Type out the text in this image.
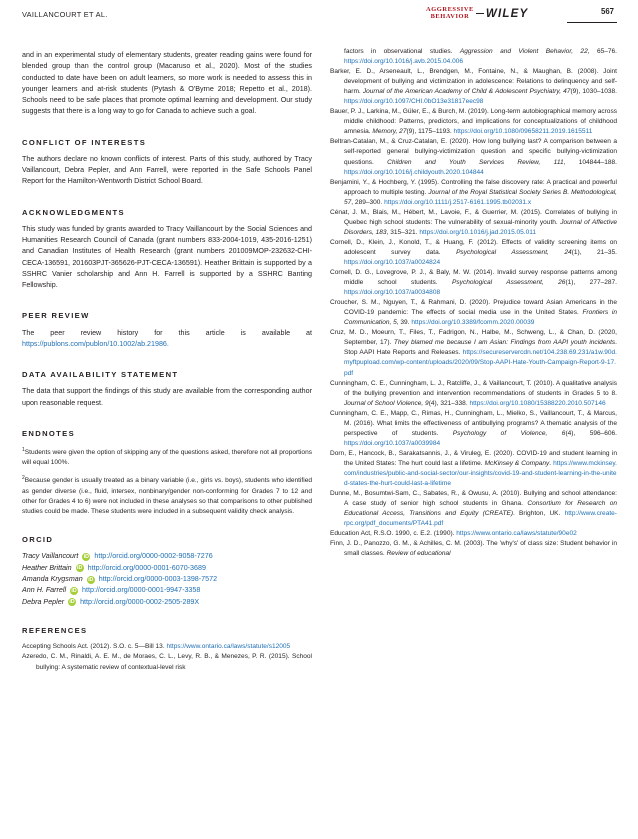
VAILLANCOURT ET AL.
AGGRESSIVE
BEHAVIOR	WILEY	567

and in an experimental study of elementary students, greater reading gains were found for blended group than the control group (Macaruso et al., 2020). Most of the studies conducted to date have been on adult learners, so more work is needed to assess this in younger learners and at-risk students (Pytash & O'Byrne 2018; Repetto et al., 2018). Schools need to be safe places that promote optimal learning and development. Our study suggests that there is a long way to go for Canada to achieve such a goal.

CONFLICT OF INTERESTS

The authors declare no known conflicts of interest. Parts of this study, authored by Tracy Vaillancourt, Debra Pepler, and Ann Farrell, were reported in the Safe Schools Panel Report for the Hamilton-Wentworth District School Board.

ACKNOWLEDGMENTS

This study was funded by grants awarded to Tracy Vaillancourt by the Social Sciences and Humanities Research Council of Canada (grant numbers 833-2004-1019, 435-2016-1251) and Canadian Institutes of Health Research (grant numbers 201009MOP-232632-CHI-CECA-136591, 201603PJT-365626-PJT-CECA-136591). Heather Brittain is supported by a SSHRC Vanier scholarship and Ann H. Farrell is supported by a SSHRC Banting Fellowship.

PEER REVIEW

The peer review history for this article is available at https://publons.com/publon/10.1002/ab.21986.

DATA AVAILABILITY STATEMENT

The data that support the findings of this study are available from the corresponding author upon reasonable request.

ENDNOTES

$^1$Students were given the option of skipping any of the questions asked, therefore not all proportions will equal 100%.

$^2$Because gender is usually treated as a binary variable (i.e., girls vs. boys), students who identified as gender diverse (i.e., fluid, intersex, nonbinary/gender non-conforming for Grades 7 to 12 and other for Grades 4 to 6) were not included in these analyses so that comparisons to other published studies could be made. These students were included in a subsequent validity check analysis.

ORCID
Tracy Vaillancourt iD http://orcid.org/0000-0002-9058-7276
Heather Brittain iD http://orcid.org/0000-0001-6070-3689
Amanda Krygsman iD http://orcid.org/0000-0003-1398-7572
Ann H. Farrell iD http://orcid.org/0000-0001-9947-3358
Debra Pepler iD http://orcid.org/0000-0002-2505-289X
REFERENCES

Accepting Schools Act. (2012). S.O. c. 5—Bill 13. https://www.ontario.ca/laws/statute/s12005

Azeredo, C. M., Rinaldi, A. E. M., de Moraes, C. L., Levy, R. B., & Menezes, P. R. (2015). School bullying: A systematic review of contextual-level risk

factors in observational studies. Aggression and Violent Behavior, 22, 65–76. https://doi.org/10.1016/j.avb.2015.04.006

Barker, E. D., Arseneault, L., Brendgen, M., Fontaine, N., & Maughan, B. (2008). Joint development of bullying and victimization in adolescence: Relations to delinquency and self-harm. Journal of the American Academy of Child & Adolescent Psychiatry, 47(9), 1030–1038. https://doi.org/10.1097/CHI.0bO13e31817eec98

Bauer, P. J., Larkina, M., Güler, E., & Burch, M. (2019). Long-term autobiographical memory across middle childhood: Patterns, predictors, and implications for conceptualizations of childhood amnesia. Memory, 27(9), 1175–1193. https://doi.org/10.1080/09658211.2019.1615511

Beltran-Catalan, M., & Cruz-Catalan, E. (2020). How long bullying last? A comparison between a self-reported general bullying-victimization question and specific bullying-victimization questions. Children and Youth Services Review, 111, 104844–188. https://doi.org/10.1016/j.childyouth.2020.104844

Benjamini, Y., & Hochberg, Y. (1995). Controlling the false discovery rate: A practical and powerful approach to multiple testing. Journal of the Royal Statistical Society Series B. Methodological, 57, 289–300. https://doi.org/10.1111/j.2517-6161.1995.tb02031.x

Cénat, J. M., Blais, M., Hébert, M., Lavoie, F., & Guerrier, M. (2015). Correlates of bullying in Quebec high school students: The vulnerability of sexual-minority youth. Journal of Affective Disorders, 183, 315–321. https://doi.org/10.1016/j.jad.2015.05.011

Cornell, D., Klein, J., Konold, T., & Huang, F. (2012). Effects of validity screening items on adolescent survey data. Psychological Assessment, 24(1), 21–35. https://doi.org/10.1037/a0024824

Cornell, D. G., Lovegrove, P. J., & Baly, M. W. (2014). Invalid survey response patterns among middle school students. Psychological Assessment, 26(1), 277–287. https://doi.org/10.1037/a0034808

Croucher, S. M., Nguyen, T., & Rahmani, D. (2020). Prejudice toward Asian Americans in the COVID-19 pandemic: The effects of social media use in the United States. Frontiers in Communication, 5, 39. https://doi.org/10.3389/fcomm.2020.00039

Cruz, M. D., Moeurn, T., Files, T., Fadrigon, N., Halbe, M., Schweng, L., & Chan, D. (2020, September, 17). They blamed me because I am Asian: Findings from AAPI youth incidents. Stop AAPI Hate Reports and Releases. https://secureservercdn.net/104.238.69.231/a1w.90d.myftpupload.com/wp-content/uploads/2020/09/Stop-AAPI-Hate-Youth-Campaign-Report-9-17.pdf

Cunningham, C. E., Cunningham, L. J., Ratcliffe, J., & Vaillancourt, T. (2010). A qualitative analysis of the bullying prevention and intervention recommendations of students in Grades 5 to 8. Journal of School Violence, 9(4), 321–338. https://doi.org/10.1080/15388220.2010.507146

Cunningham, C. E., Mapp, C., Rimas, H., Cunningham, L., Mielko, S., Vaillancourt, T., & Marcus, M. (2016). What limits the effectiveness of antibullying programs? A thematic analysis of the perspective of students. Psychology of Violence, 6(4), 596–606. https://doi.org/10.1037/a0039984

Dorn, E., Hancock, B., Sarakatsannis, J., & Viruleg, E. (2020). COVID-19 and student learning in the United States: The hurt could last a lifetime. McKinsey & Company. https://www.mckinsey.com/industries/public-and-social-sector/our-insights/covid-19-and-student-learning-in-the-united-states-the-hurt-could-last-a-lifetime

Dunne, M., Bosumtwi-Sam, C., Sabates, R., & Owusu, A. (2010). Bullying and school attendance: A case study of senior high school students in Ghana. Consortium for Research on Educational Access, Transitions and Equity (CREATE). Brighton, UK. http://www.create-rpc.org/pdf_documents/PTA41.pdf

Education Act, R.S.O. 1990, c. E.2. (1990). https://www.ontario.ca/laws/statute/90e02

Finn, J. D., Panozzo, G. M., & Achilles, C. M. (2003). The 'why's' of class size: Student behavior in small classes. Review of educational
